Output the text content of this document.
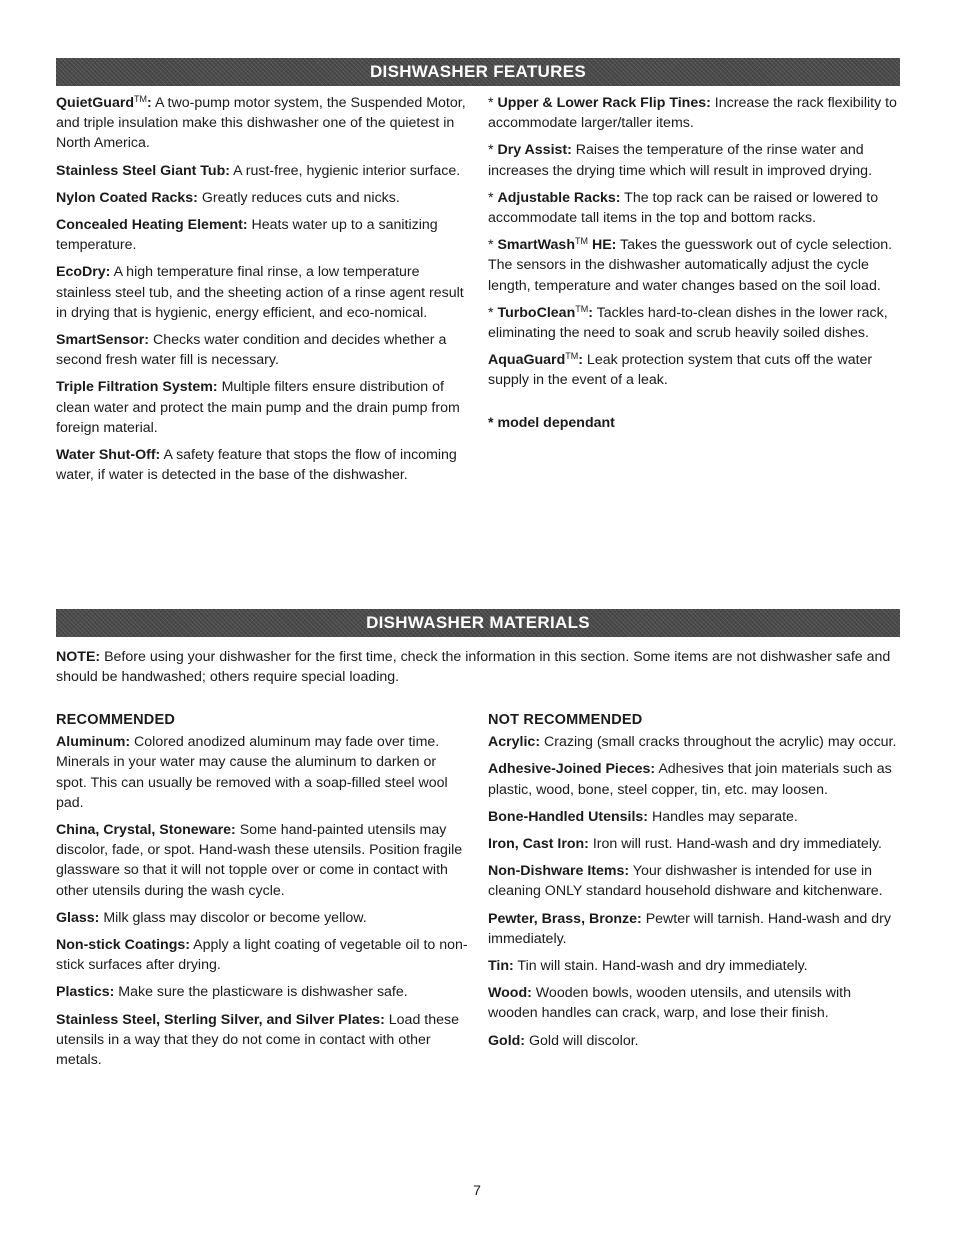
DISHWASHER FEATURES

QuietGuard™: A two-pump motor system, the Suspended Motor, and triple insulation make this dishwasher one of the quietest in North America.

Stainless Steel Giant Tub: A rust-free, hygienic interior surface.

Nylon Coated Racks: Greatly reduces cuts and nicks.

Concealed Heating Element: Heats water up to a sanitizing temperature.

EcoDry: A high temperature final rinse, a low temperature stainless steel tub, and the sheeting action of a rinse agent result in drying that is hygienic, energy efficient, and eco-nomical.

SmartSensor: Checks water condition and decides whether a second fresh water fill is necessary.

Triple Filtration System: Multiple filters ensure distribution of clean water and protect the main pump and the drain pump from foreign material.

Water Shut-Off: A safety feature that stops the flow of incoming water, if water is detected in the base of the dishwasher.

* Upper & Lower Rack Flip Tines: Increase the rack flexibility to accommodate larger/taller items.

* Dry Assist: Raises the temperature of the rinse water and increases the drying time which will result in improved drying.

* Adjustable Racks: The top rack can be raised or lowered to accommodate tall items in the top and bottom racks.

* SmartWash™ HE: Takes the guesswork out of cycle selection. The sensors in the dishwasher automatically adjust the cycle length, temperature and water changes based on the soil load.

* TurboClean™: Tackles hard-to-clean dishes in the lower rack, eliminating the need to soak and scrub heavily soiled dishes.

AquaGuard™: Leak protection system that cuts off the water supply in the event of a leak.

* model dependant

DISHWASHER MATERIALS
NOTE: Before using your dishwasher for the first time, check the information in this section. Some items are not dishwasher safe and should be handwashed; others require special loading.
RECOMMENDED

Aluminum: Colored anodized aluminum may fade over time. Minerals in your water may cause the aluminum to darken or spot. This can usually be removed with a soap-filled steel wool pad.

China, Crystal, Stoneware: Some hand-painted utensils may discolor, fade, or spot. Hand-wash these utensils. Position fragile glassware so that it will not topple over or come in contact with other utensils during the wash cycle.

Glass: Milk glass may discolor or become yellow.

Non-stick Coatings: Apply a light coating of vegetable oil to non-stick surfaces after drying.

Plastics: Make sure the plasticware is dishwasher safe.

Stainless Steel, Sterling Silver, and Silver Plates: Load these utensils in a way that they do not come in contact with other metals.

NOT RECOMMENDED

Acrylic: Crazing (small cracks throughout the acrylic) may occur.

Adhesive-Joined Pieces: Adhesives that join materials such as plastic, wood, bone, steel copper, tin, etc. may loosen.

Bone-Handled Utensils: Handles may separate.

Iron, Cast Iron: Iron will rust. Hand-wash and dry immediately.

Non-Dishware Items: Your dishwasher is intended for use in cleaning ONLY standard household dishware and kitchenware.

Pewter, Brass, Bronze: Pewter will tarnish. Hand-wash and dry immediately.

Tin: Tin will stain. Hand-wash and dry immediately.

Wood: Wooden bowls, wooden utensils, and utensils with wooden handles can crack, warp, and lose their finish.

Gold: Gold will discolor.

7
